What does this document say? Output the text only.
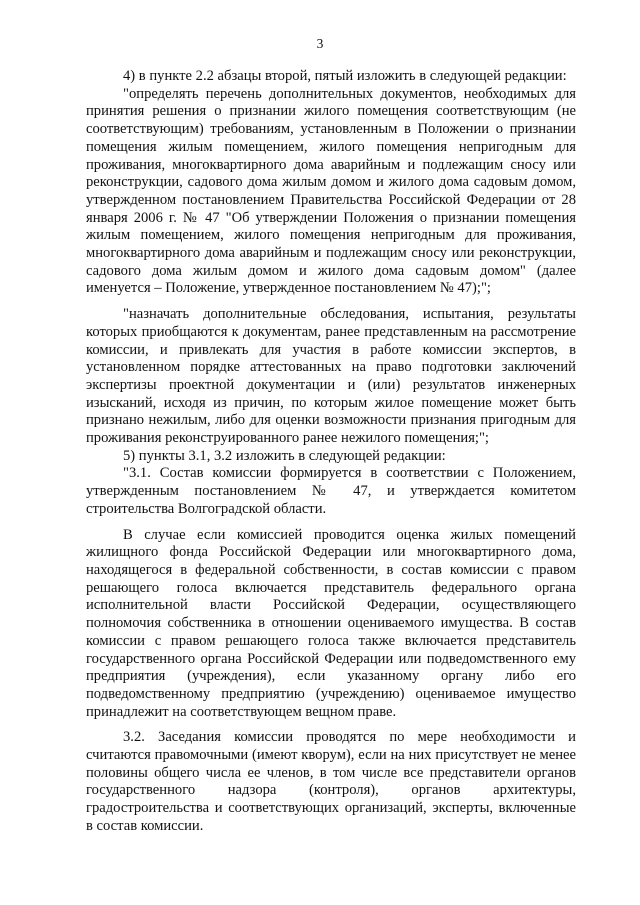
3

4) в пункте 2.2 абзацы второй, пятый изложить в следующей редакции:

"определять перечень дополнительных документов, необходимых для принятия решения о признании жилого помещения соответствующим (не соответствующим) требованиям, установленным в Положении о признании помещения жилым помещением, жилого помещения непригодным для проживания, многоквартирного дома аварийным и подлежащим сносу или реконструкции, садового дома жилым домом и жилого дома садовым домом, утвержденном постановлением Правительства Российской Федерации от 28 января 2006 г. № 47 "Об утверждении Положения о признании помещения жилым помещением, жилого помещения непригодным для проживания, многоквартирного дома аварийным и подлежащим сносу или реконструкции, садового дома жилым домом и жилого дома садовым домом" (далее именуется – Положение, утвержденное постановлением № 47);";

"назначать дополнительные обследования, испытания, результаты которых приобщаются к документам, ранее представленным на рассмотрение комиссии, и привлекать для участия в работе комиссии экспертов, в установленном порядке аттестованных на право подготовки заключений экспертизы проектной документации и (или) результатов инженерных изысканий, исходя из причин, по которым жилое помещение может быть признано нежилым, либо для оценки возможности признания пригодным для проживания реконструированного ранее нежилого помещения;";

5) пункты 3.1, 3.2 изложить в следующей редакции:

"3.1. Состав комиссии формируется в соответствии с Положением, утвержденным постановлением № 47, и утверждается комитетом строительства Волгоградской области.

В случае если комиссией проводится оценка жилых помещений жилищного фонда Российской Федерации или многоквартирного дома, находящегося в федеральной собственности, в состав комиссии с правом решающего голоса включается представитель федерального органа исполнительной власти Российской Федерации, осуществляющего полномочия собственника в отношении оцениваемого имущества. В состав комиссии с правом решающего голоса также включается представитель государственного органа Российской Федерации или подведомственного ему предприятия (учреждения), если указанному органу либо его подведомственному предприятию (учреждению) оцениваемое имущество принадлежит на соответствующем вещном праве.

3.2. Заседания комиссии проводятся по мере необходимости и считаются правомочными (имеют кворум), если на них присутствует не менее половины общего числа ее членов, в том числе все представители органов государственного надзора (контроля), органов архитектуры, градостроительства и соответствующих организаций, эксперты, включенные в состав комиссии.
